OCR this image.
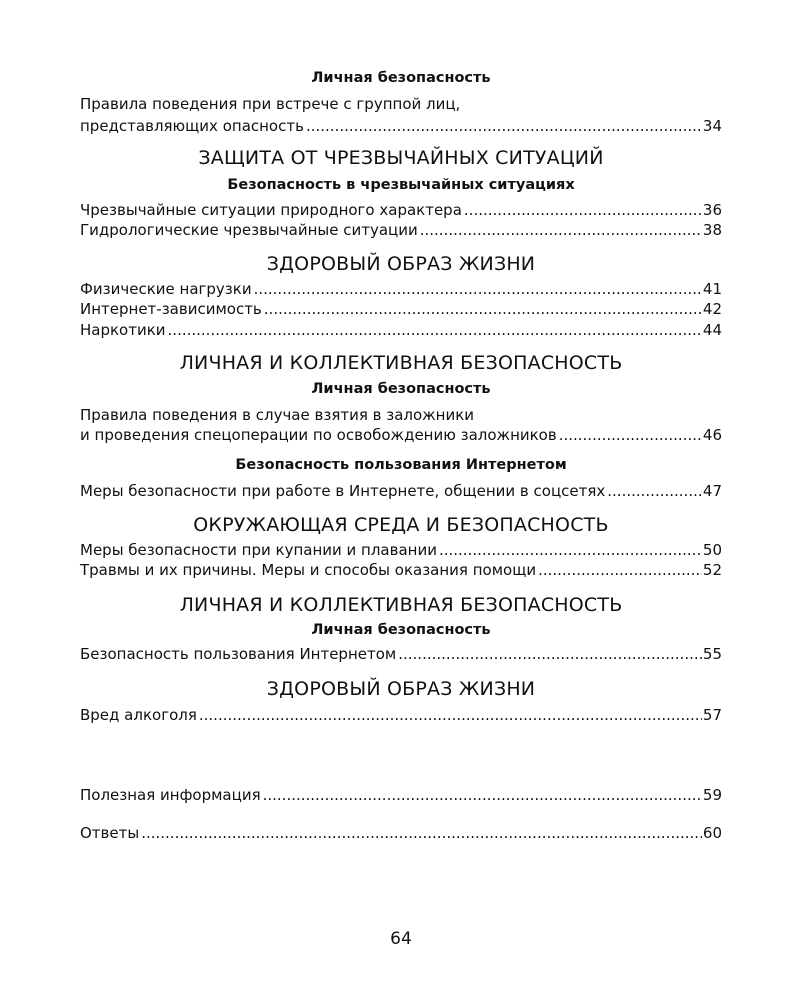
Личная безопасность
Правила поведения при встрече с группой лиц,
представляющих опасность .....	34
ЗАЩИТА ОТ ЧРЕЗВЫЧАЙНЫХ СИТУАЦИЙ
Безопасность в чрезвычайных ситуациях
Чрезвычайные ситуации природного характера .....	36
Гидрологические чрезвычайные ситуации .....	38
ЗДОРОВЫЙ ОБРАЗ ЖИЗНИ
Физические нагрузки .....	41
Интернет-зависимость .....	42
Наркотики .....	44
ЛИЧНАЯ И КОЛЛЕКТИВНАЯ БЕЗОПАСНОСТЬ
Личная безопасность
Правила поведения в случае взятия в заложники
и проведения спецоперации по освобождению заложников .....	46
Безопасность пользования Интернетом
Меры безопасности при работе в Интернете, общении в соцсетях .....	47
ОКРУЖАЮЩАЯ СРЕДА И БЕЗОПАСНОСТЬ
Меры безопасности при купании и плавании .....	50
Травмы и их причины. Меры и способы оказания помощи .....	52
ЛИЧНАЯ И КОЛЛЕКТИВНАЯ БЕЗОПАСНОСТЬ
Личная безопасность
Безопасность пользования Интернетом .....	55
ЗДОРОВЫЙ ОБРАЗ ЖИЗНИ
Вред алкоголя .....	57
Полезная информация .....	59
Ответы .....	60
64
